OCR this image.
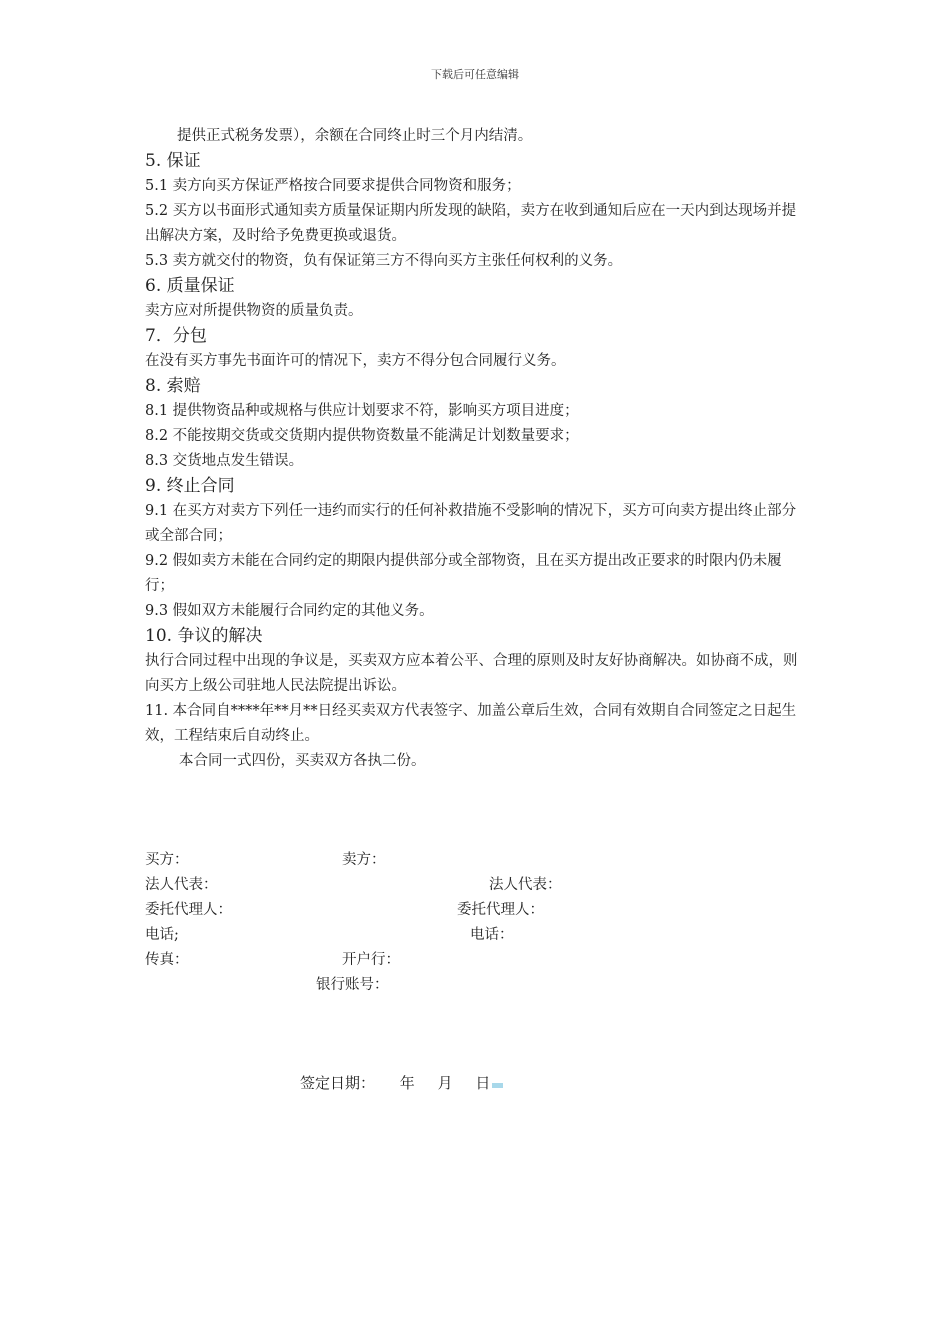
下载后可任意编辑

提供正式税务发票），余额在合同终止时三个月内结清。

5. 保证

5.1 卖方向买方保证严格按合同要求提供合同物资和服务；

5.2 买方以书面形式通知卖方质量保证期内所发现的缺陷，卖方在收到通知后应在一天内到达现场并提出解决方案，及时给予免费更换或退货。

5.3 卖方就交付的物资，负有保证第三方不得向买方主张任何权利的义务。

6. 质量保证

卖方应对所提供物资的质量负责。

7．分包

在没有买方事先书面许可的情况下，卖方不得分包合同履行义务。

8. 索赔

8.1 提供物资品种或规格与供应计划要求不符，影响买方项目进度；

8.2 不能按期交货或交货期内提供物资数量不能满足计划数量要求；

8.3 交货地点发生错误。

9. 终止合同

9.1 在买方对卖方下列任一违约而实行的任何补救措施不受影响的情况下，买方可向卖方提出终止部分或全部合同；

9.2 假如卖方未能在合同约定的期限内提供部分或全部物资，且在买方提出改正要求的时限内仍未履行；

9.3 假如双方未能履行合同约定的其他义务。

10. 争议的解决

执行合同过程中出现的争议是，买卖双方应本着公平、合理的原则及时友好协商解决。如协商不成，则向买方上级公司驻地人民法院提出诉讼。

11. 本合同自****年**月**日经买卖双方代表签字、加盖公章后生效，合同有效期自合同签定之日起生效，工程结束后自动终止。

本合同一式四份，买卖双方各执二份。

买方：	卖方：
法人代表：	法人代表：
委托代理人：	委托代理人：
电话;	电话：
传真：	开户行：
银行账号：
签定日期： 年 月 日
